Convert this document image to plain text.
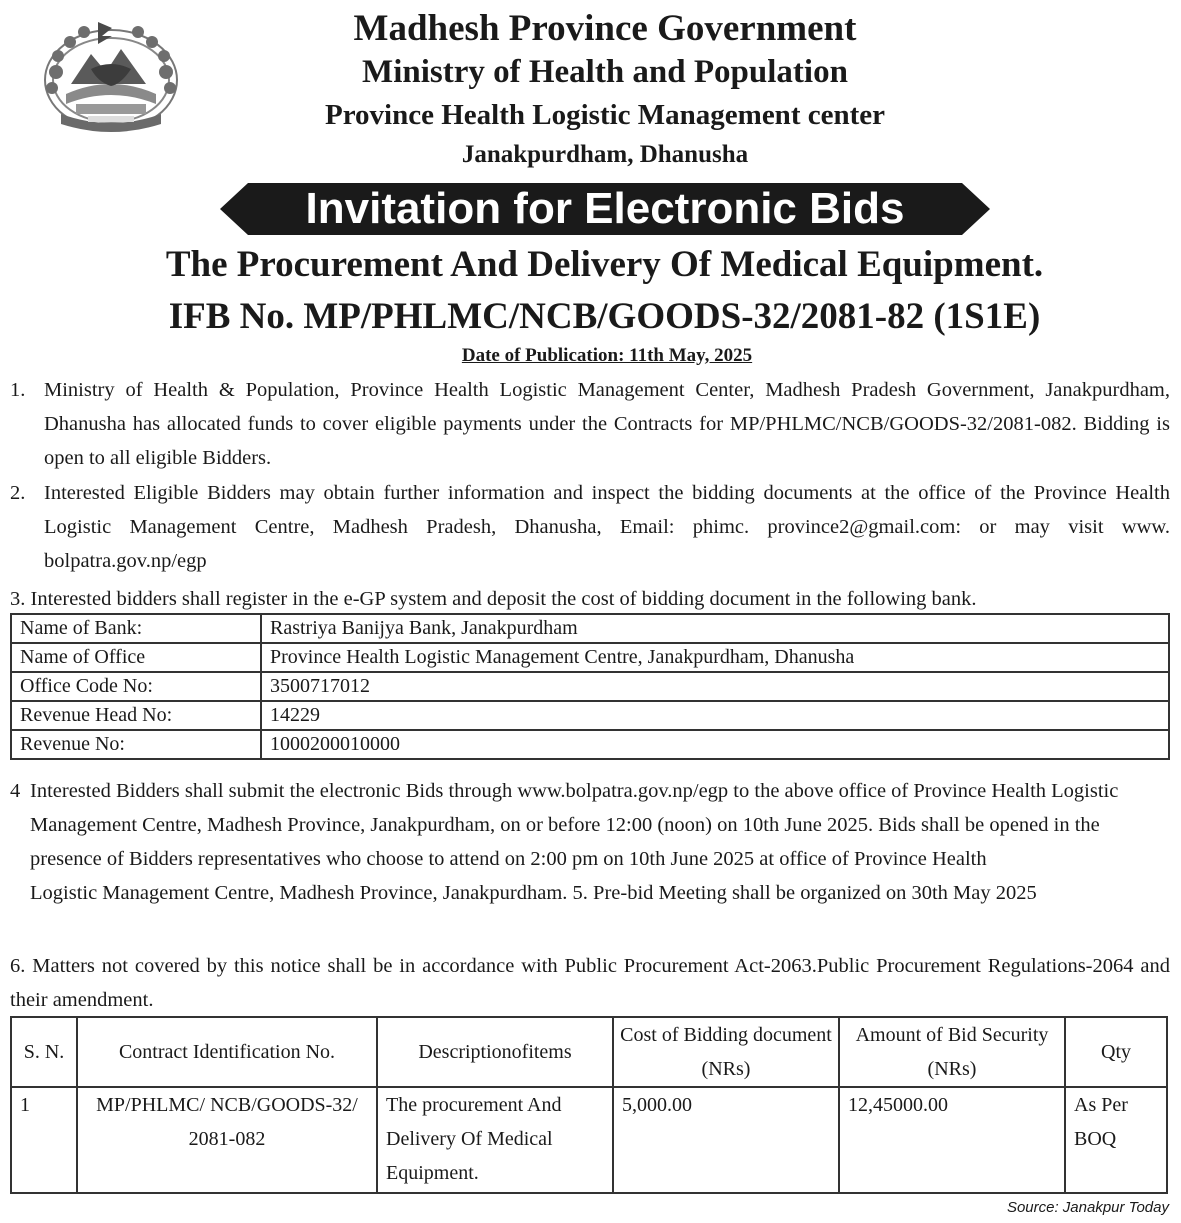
Madhesh Province Government
Ministry of Health and Population
Province Health Logistic Management center
Janakpurdham, Dhanusha
Invitation for Electronic Bids
The Procurement And Delivery Of Medical Equipment.
IFB No. MP/PHLMC/NCB/GOODS-32/2081-82 (1S1E)
Date of Publication: 11th May, 2025
1. Ministry of Health & Population, Province Health Logistic Management Center, Madhesh Pradesh Government, Janakpurdham, Dhanusha has allocated funds to cover eligible payments under the Contracts for MP/PHLMC/NCB/GOODS-32/2081-082. Bidding is open to all eligible Bidders.
2. Interested Eligible Bidders may obtain further information and inspect the bidding documents at the office of the Province Health Logistic Management Centre, Madhesh Pradesh, Dhanusha, Email: phimc. province2@gmail.com: or may visit www. bolpatra.gov.np/egp
3. Interested bidders shall register in the e-GP system and deposit the cost of bidding document in the following bank.
Name of Bank:	Rastriya Banijya Bank, Janakpurdham
Name of Office	Province Health Logistic Management Centre, Janakpurdham, Dhanusha
Office Code No:	3500717012
Revenue Head No:	14229
Revenue No:	1000200010000
4 Interested Bidders shall submit the electronic Bids through www.bolpatra.gov.np/egp to the above office of Province Health Logistic Management Centre, Madhesh Province, Janakpurdham, on or before 12:00 (noon) on 10th June 2025. Bids shall be opened in the presence of Bidders representatives who choose to attend on 2:00 pm on 10th June 2025 at office of Province Health
Logistic Management Centre, Madhesh Province, Janakpurdham. 5. Pre-bid Meeting shall be organized on 30th May 2025
6. Matters not covered by this notice shall be in accordance with Public Procurement Act-2063.Public Procurement Regulations-2064 and their amendment.
S. N.	Contract Identification No.	Descriptionofitems	Cost of Bidding document (NRs)	Amount of Bid Security (NRs)	Qty
1	MP/PHLMC/ NCB/GOODS-32/ 2081-082	The procurement And Delivery Of Medical Equipment.	5,000.00	12,45000.00	As Per BOQ
Source: Janakpur Today
